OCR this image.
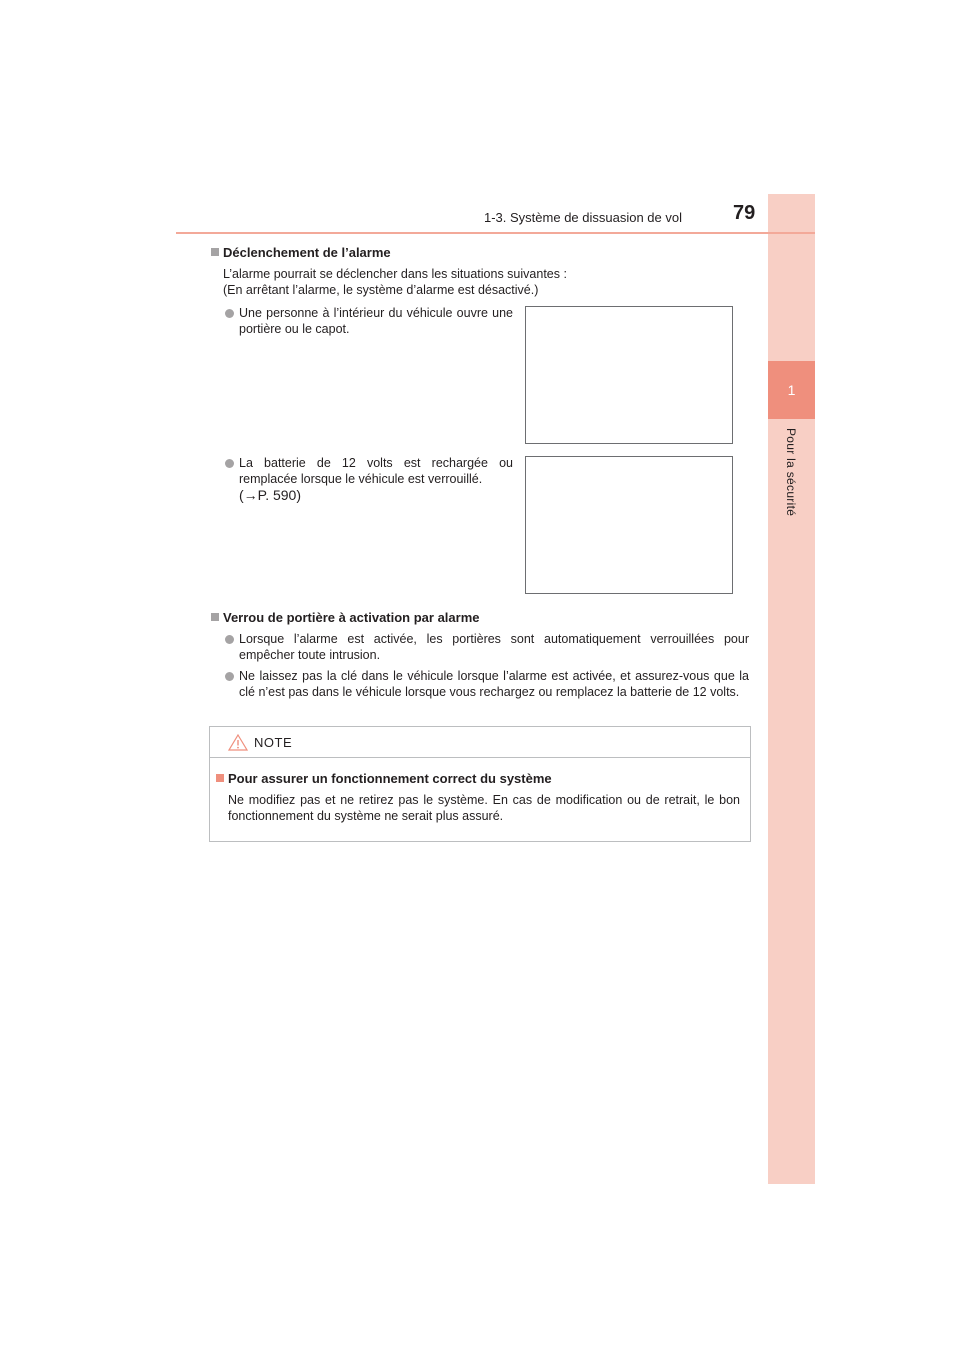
1
Pour la sécurité
1-3. Système de dissuasion de vol	79
Déclenchement de l’alarme
L’alarme pourrait se déclencher dans les situations suivantes :
(En arrêtant l’alarme, le système d’alarme est désactivé.)
Une personne à l’intérieur du véhicule ouvre une portière ou le capot.
La batterie de 12 volts est rechargée ou remplacée lorsque le véhicule est verrouillé.
(→P. 590)
Verrou de portière à activation par alarme
Lorsque l’alarme est activée, les portières sont automatiquement verrouillées pour empêcher toute intrusion.
Ne laissez pas la clé dans le véhicule lorsque l’alarme est activée, et assurez-vous que la clé n’est pas dans le véhicule lorsque vous rechargez ou remplacez la batterie de 12 volts.
NOTE
Pour assurer un fonctionnement correct du système
Ne modifiez pas et ne retirez pas le système. En cas de modification ou de retrait, le bon fonctionnement du système ne serait plus assuré.
